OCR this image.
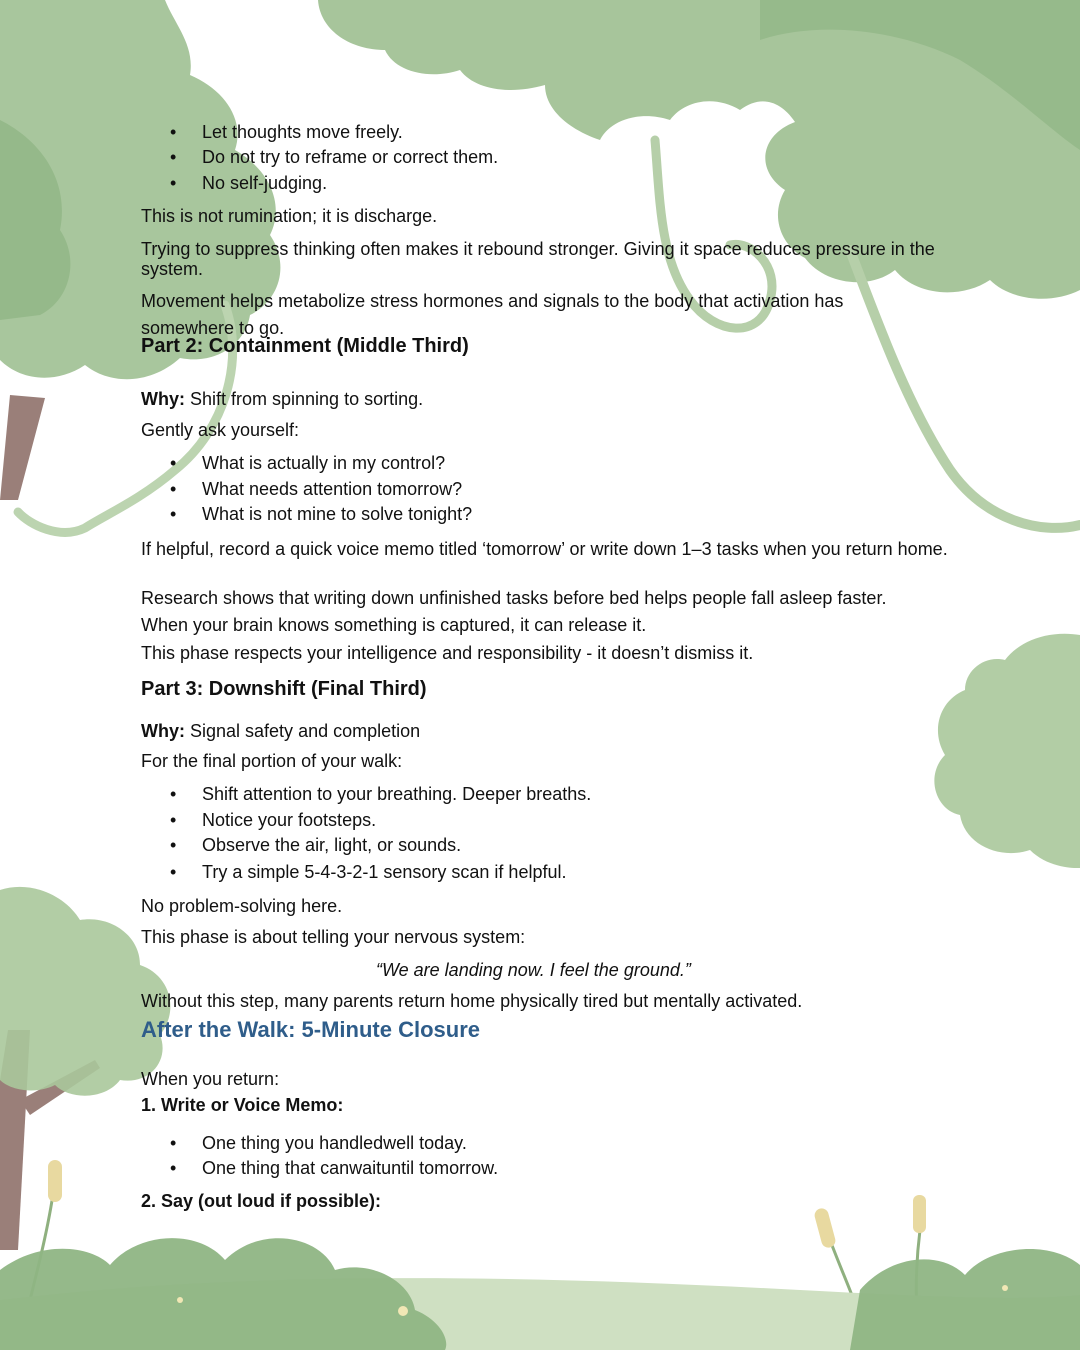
• Let thoughts move freely.

• Do not try to reframe or correct them.

• No self-judging.

This is not rumination; it is discharge.

Trying to suppress thinking often makes it rebound stronger. Giving it space reduces pressure in the system.

Movement helps metabolize stress hormones and signals to the body that activation has

somewhere to go.

Part 2: Containment (Middle Third)

Why: Shift from spinning to sorting.

Gently ask yourself:

• What is actually in my control?

• What needs attention tomorrow?

• What is not mine to solve tonight?

If helpful, record a quick voice memo titled ‘tomorrow’ or write down 1–3 tasks when you return home.

Research shows that writing down unfinished tasks before bed helps people fall asleep faster.

When your brain knows something is captured, it can release it.

This phase respects your intelligence and responsibility - it doesn’t dismiss it.

Part 3: Downshift (Final Third)

Why: Signal safety and completion

For the final portion of your walk:

• Shift attention to your breathing. Deeper breaths.

• Notice your footsteps.

• Observe the air, light, or sounds.

• Try a simple 5-4-3-2-1 sensory scan if helpful.

No problem-solving here.

This phase is about telling your nervous system:

“We are landing now. I feel the ground.”

Without this step, many parents return home physically tired but mentally activated.

After the Walk: 5-Minute Closure

When you return:

1. Write or Voice Memo:

• One thing you handledwell today.

• One thing that canwaituntil tomorrow.

2. Say (out loud if possible):
